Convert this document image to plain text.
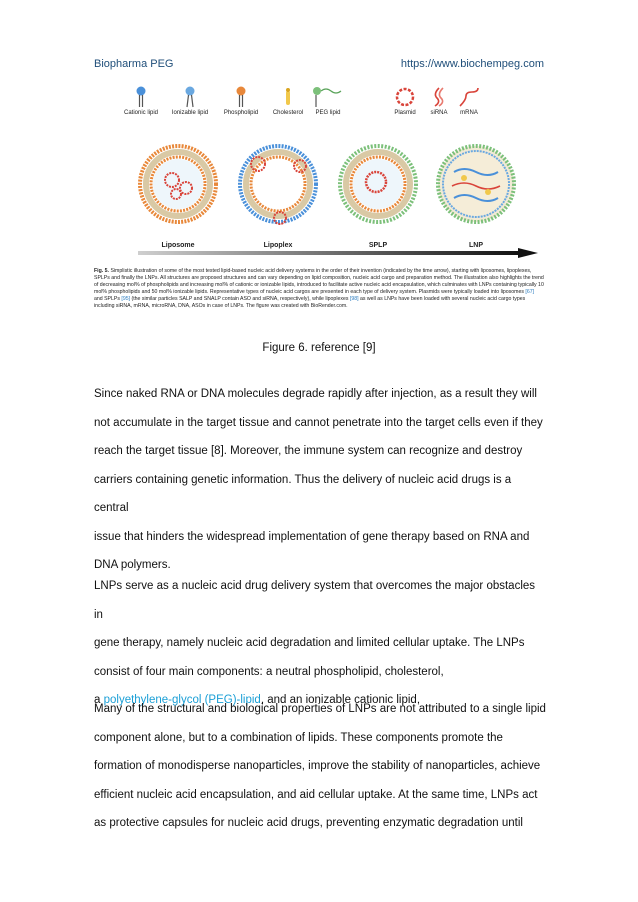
Biopharma PEG	https://www.biochempeg.com
Cationic lipid	Ionizable lipid	Phospholipid	Cholesterol	PEG lipid	Plasmid	siRNA	mRNA
Liposome	Lipoplex	SPLP	LNP
Fig. 5. Simplistic illustration of some of the most tested lipid-based nucleic acid delivery systems in the order of their invention (indicated by the time arrow), starting with liposomes, lipoplexes, SPLPs and finally the LNPs. All structures are proposed structures and can vary depending on lipid composition, nucleic acid cargo and preparation method. The illustration also highlights the trend of decreasing mol% of phospholipids and increasing mol% of cationic or ionizable lipids, introduced to facilitate active nucleic acid encapsulation, which culminates with LNPs containing typically 10 mol% phospholipids and 50 mol% ionizable lipids. Representative types of nucleic acid cargos are presented in each type of delivery system. Plasmids were typically loaded into liposomes [67] and SPLPs [95] (the similar particles SALP and SNALP contain ASO and siRNA, respectively), while lipoplexes [98] as well as LNPs have been loaded with several nucleic acid cargo types including siRNA, mRNA, microRNA, DNA, ASOs in case of LNPs. The figure was created with BioRender.com.
Figure 6. reference [9]
Since naked RNA or DNA molecules degrade rapidly after injection, as a result they will
not accumulate in the target tissue and cannot penetrate into the target cells even if they
reach the target tissue [8]. Moreover, the immune system can recognize and destroy
carriers containing genetic information. Thus the delivery of nucleic acid drugs is a central
issue that hinders the widespread implementation of gene therapy based on RNA and
DNA polymers.
LNPs serve as a nucleic acid drug delivery system that overcomes the major obstacles in
gene therapy, namely nucleic acid degradation and limited cellular uptake. The LNPs
consist of four main components: a neutral phospholipid, cholesterol,
a polyethylene-glycol (PEG)-lipid, and an ionizable cationic lipid,
Many of the structural and biological properties of LNPs are not attributed to a single lipid
component alone, but to a combination of lipids. These components promote the
formation of monodisperse nanoparticles, improve the stability of nanoparticles, achieve
efficient nucleic acid encapsulation, and aid cellular uptake. At the same time, LNPs act
as protective capsules for nucleic acid drugs, preventing enzymatic degradation until
